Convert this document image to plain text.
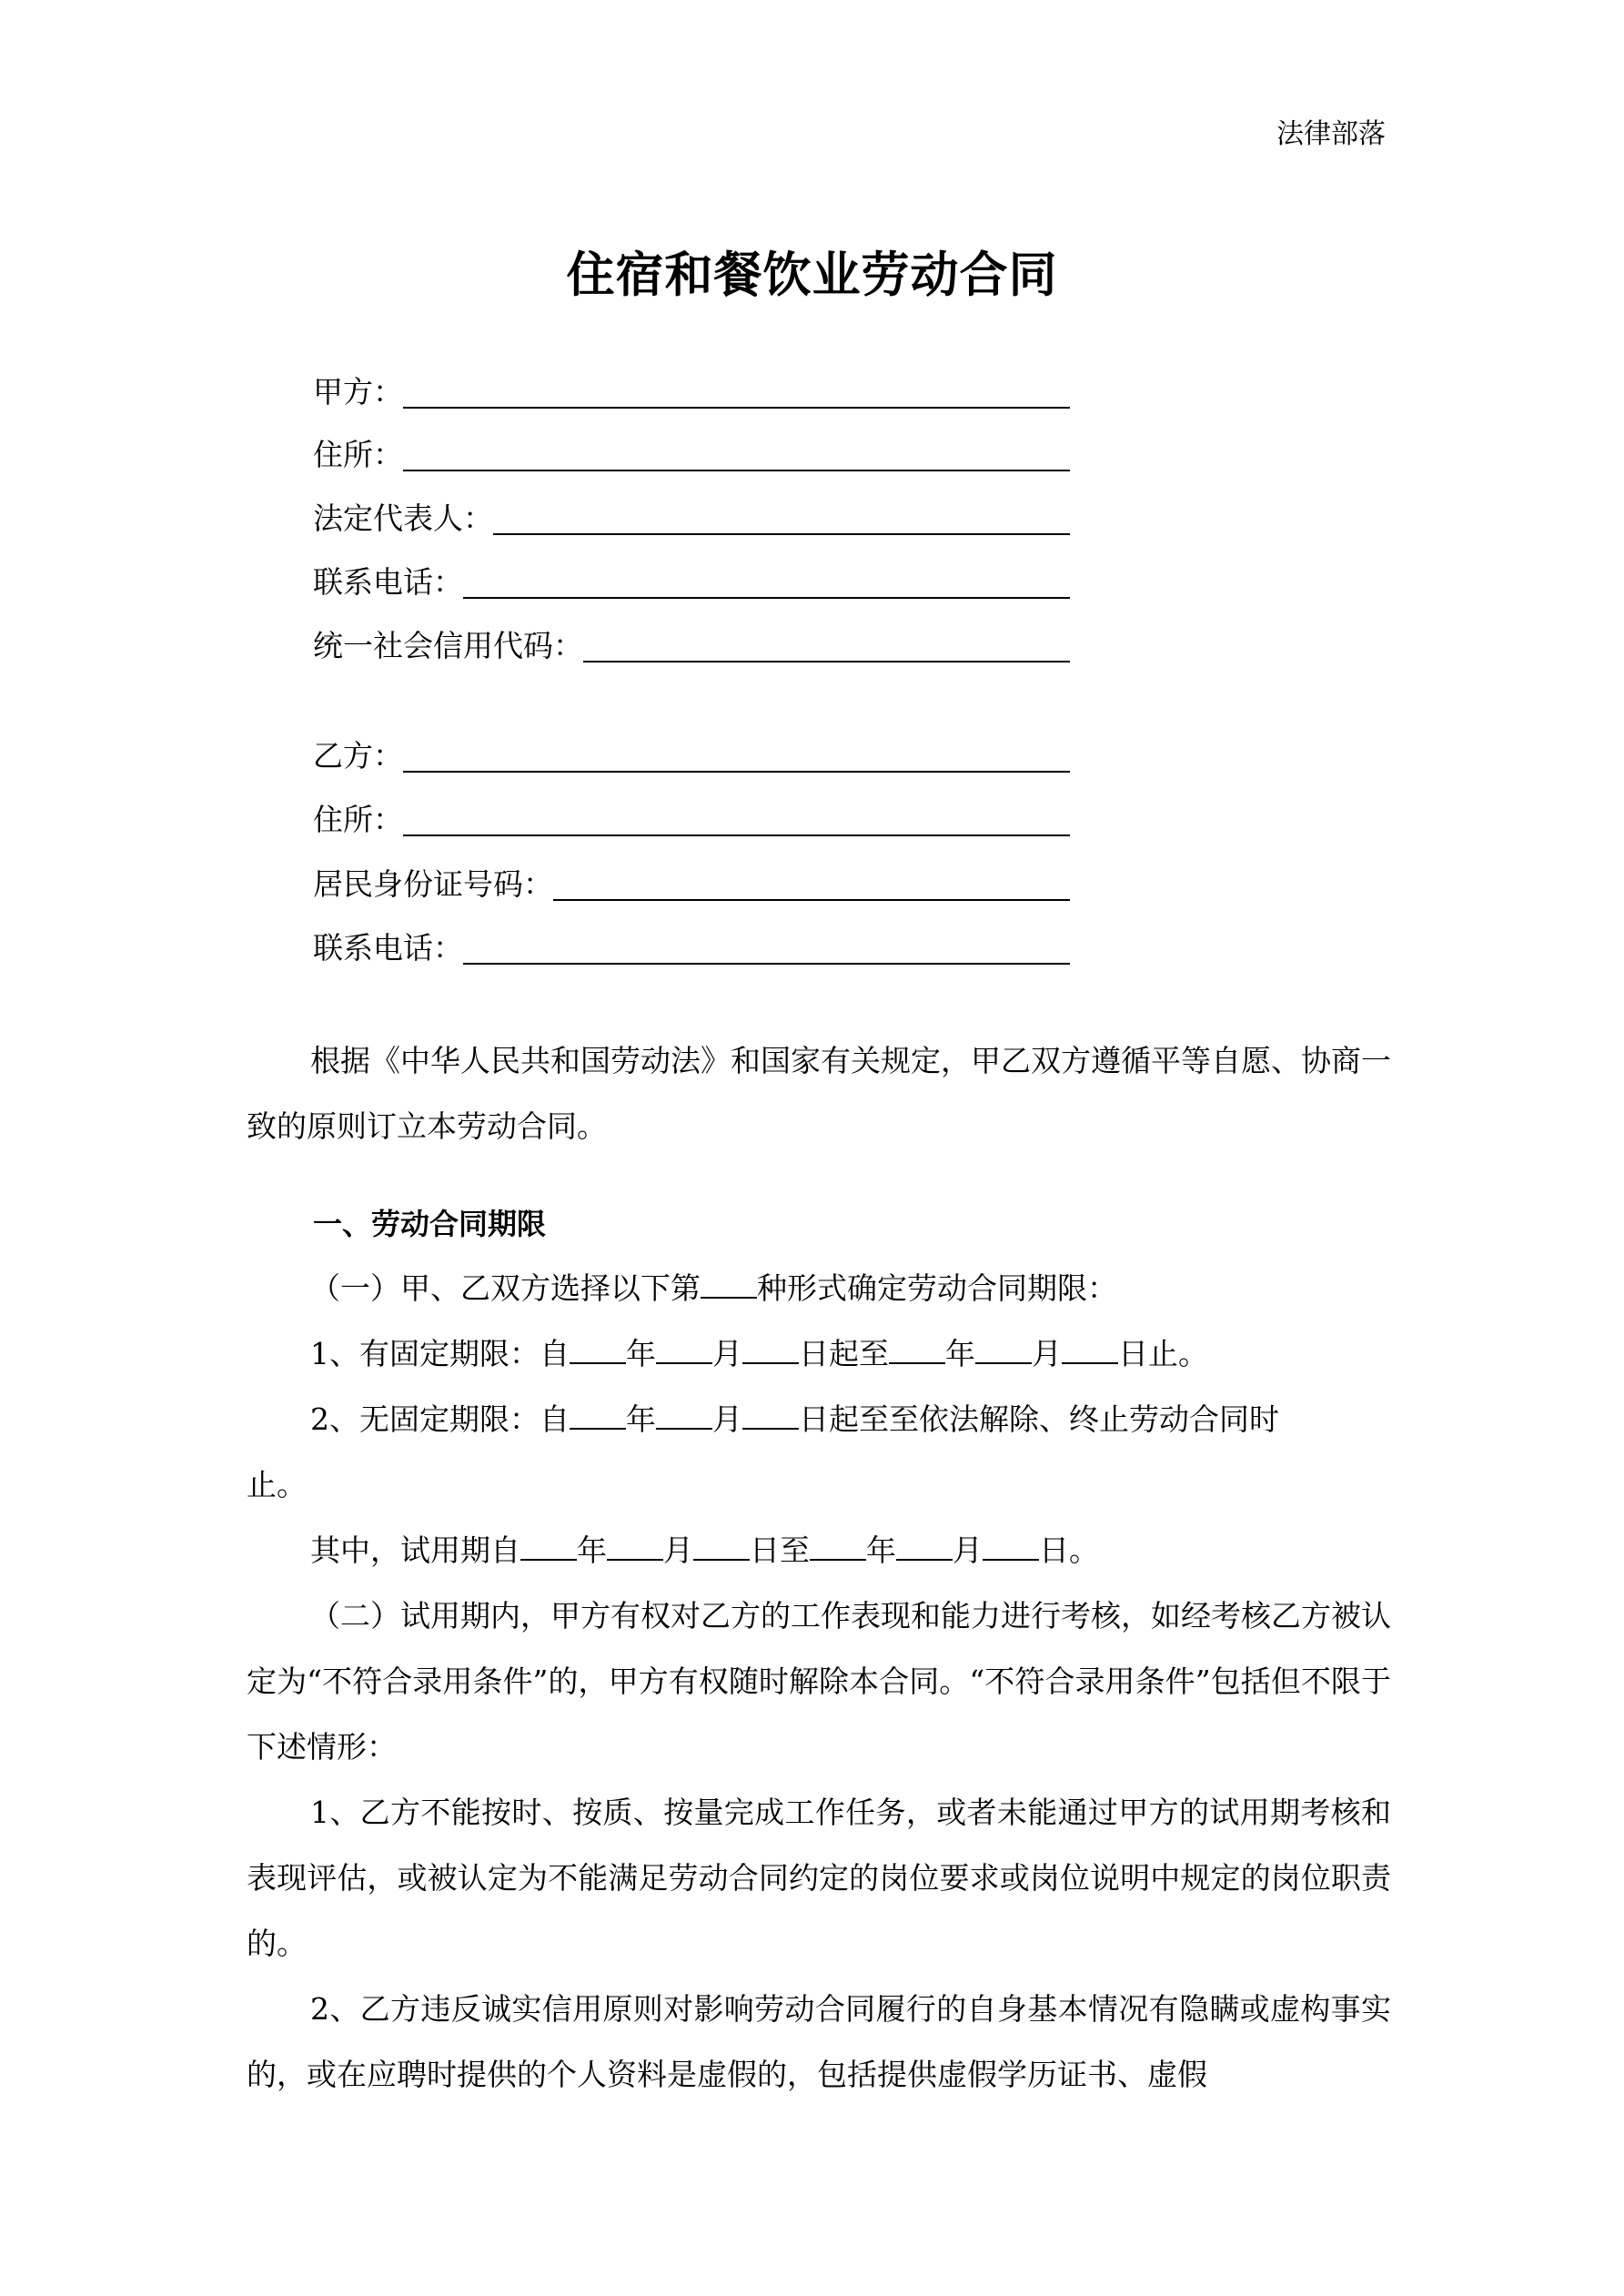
法律部落
住宿和餐饮业劳动合同
甲方：
住所：
法定代表人：
联系电话：
统一社会信用代码：
乙方：
住所：
居民身份证号码：
联系电话：
根据《中华人民共和国劳动法》和国家有关规定，甲乙双方遵循平等自愿、协商一致的原则订立本劳动合同。
一、劳动合同期限
（一）甲、乙双方选择以下第 种形式确定劳动合同期限：
1、有固定期限：自 年 月 日起至 年 月 日止。
2、无固定期限：自 年 月 日起至至依法解除、终止劳动合同时
止。
其中，试用期自 年 月 日至 年 月 日。
（二）试用期内，甲方有权对乙方的工作表现和能力进行考核，如经考核乙方被认定为“不符合录用条件”的，甲方有权随时解除本合同。“不符合录用条件”包括但不限于下述情形：
1、乙方不能按时、按质、按量完成工作任务，或者未能通过甲方的试用期考核和表现评估，或被认定为不能满足劳动合同约定的岗位要求或岗位说明中规定的岗位职责的。
2、乙方违反诚实信用原则对影响劳动合同履行的自身基本情况有隐瞒或虚构事实的，或在应聘时提供的个人资料是虚假的，包括提供虚假学历证书、虚假
